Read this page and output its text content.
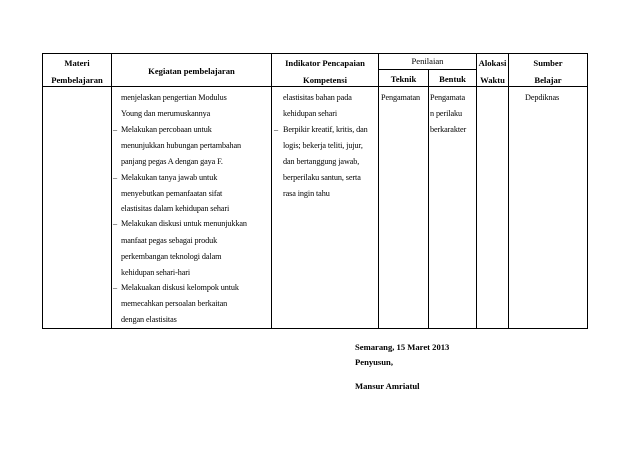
Materi
Pembelajaran
Kegiatan pembelajaran
Indikator Pencapaian
Kompetensi
Penilaian
Teknik	Bentuk
Alokasi
Waktu
Sumber
Belajar
menjelaskan pengertian Modulus
Young dan merumuskannya
– Melakukan percobaan untuk
menunjukkan hubungan pertambahan
panjang pegas A dengan gaya F.
– Melakukan tanya jawab untuk
menyebutkan pemanfaatan sifat
elastisitas dalam kehidupan sehari
– Melakukan diskusi untuk menunjukkan
manfaat pegas sebagai produk
perkembangan teknologi dalam
kehidupan sehari-hari
– Melakuakan diskusi kelompok untuk
memecahkan persoalan berkaitan
dengan elastisitas
elastisitas bahan pada
kehidupan sehari
– Berpikir kreatif, kritis, dan
logis; bekerja teliti, jujur,
dan bertanggung jawab,
berperilaku santun, serta
rasa ingin tahu
Pengamatan Pengamata
n perilaku
berkarakter
Depdiknas
Semarang, 15 Maret 2013
Penyusun,
Mansur Amriatul
